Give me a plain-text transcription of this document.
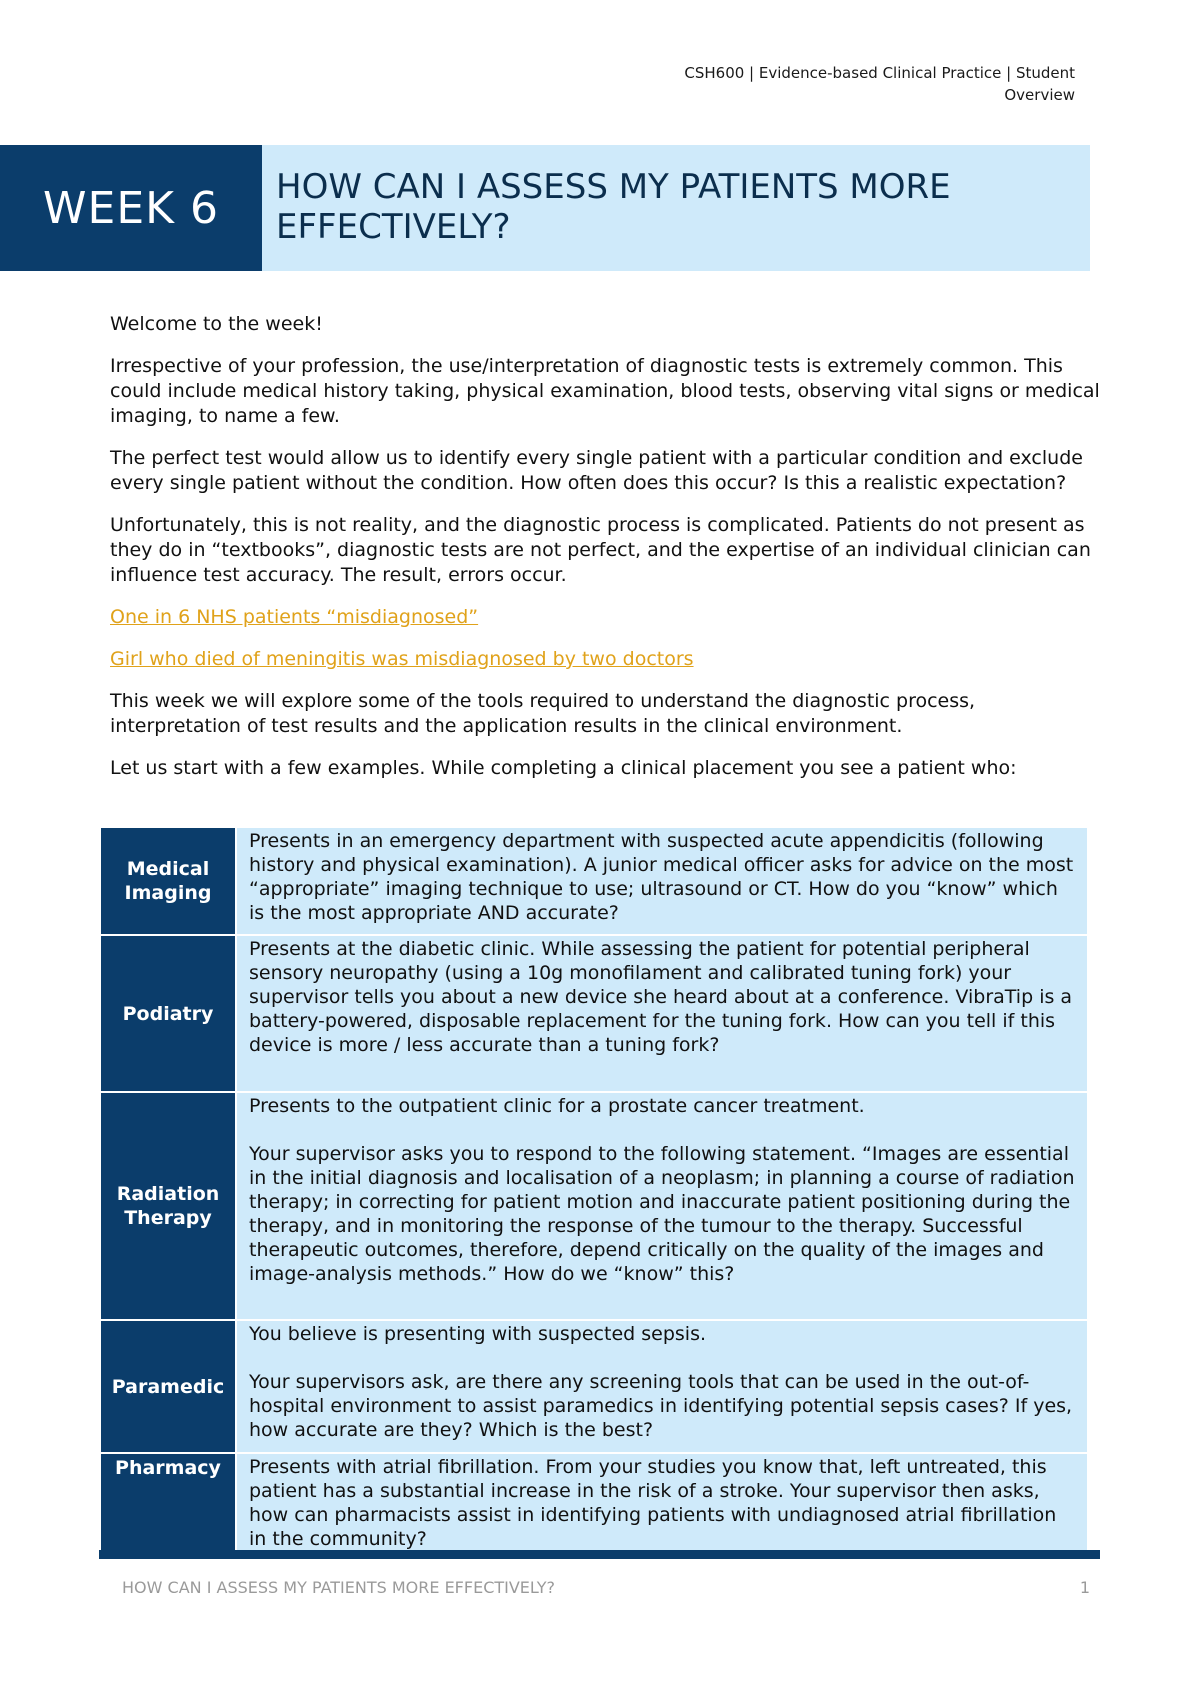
CSH600 | Evidence-based Clinical Practice | Student
Overview
WEEK 6	HOW CAN I ASSESS MY PATIENTS MORE EFFECTIVELY?

Welcome to the week!

Irrespective of your profession, the use/interpretation of diagnostic tests is extremely common. This could include medical history taking, physical examination, blood tests, observing vital signs or medical imaging, to name a few.

The perfect test would allow us to identify every single patient with a particular condition and exclude every single patient without the condition. How often does this occur? Is this a realistic expectation?

Unfortunately, this is not reality, and the diagnostic process is complicated. Patients do not present as they do in “textbooks”, diagnostic tests are not perfect, and the expertise of an individual clinician can influence test accuracy. The result, errors occur.

One in 6 NHS patients “misdiagnosed”

Girl who died of meningitis was misdiagnosed by two doctors

This week we will explore some of the tools required to understand the diagnostic process, interpretation of test results and the application results in the clinical environment.

Let us start with a few examples. While completing a clinical placement you see a patient who:

Medical Imaging	Presents in an emergency department with suspected acute appendicitis (following history and physical examination). A junior medical officer asks for advice on the most “appropriate” imaging technique to use; ultrasound or CT. How do you “know” which is the most appropriate AND accurate?

Podiatry	Presents at the diabetic clinic. While assessing the patient for potential peripheral sensory neuropathy (using a 10g monofilament and calibrated tuning fork) your supervisor tells you about a new device she heard about at a conference. VibraTip is a battery-powered, disposable replacement for the tuning fork. How can you tell if this device is more / less accurate than a tuning fork?

Radiation Therapy	Presents to the outpatient clinic for a prostate cancer treatment.
Your supervisor asks you to respond to the following statement. “Images are essential in the initial diagnosis and localisation of a neoplasm; in planning a course of radiation therapy; in correcting for patient motion and inaccurate patient positioning during the therapy, and in monitoring the response of the tumour to the therapy. Successful therapeutic outcomes, therefore, depend critically on the quality of the images and image-analysis methods.” How do we “know” this?

Paramedic	You believe is presenting with suspected sepsis.
Your supervisors ask, are there any screening tools that can be used in the out-of-hospital environment to assist paramedics in identifying potential sepsis cases? If yes, how accurate are they? Which is the best?

Pharmacy	Presents with atrial fibrillation. From your studies you know that, left untreated, this patient has a substantial increase in the risk of a stroke. Your supervisor then asks, how can pharmacists assist in identifying patients with undiagnosed atrial fibrillation in the community?
HOW CAN I ASSESS MY PATIENTS MORE EFFECTIVELY?	1
